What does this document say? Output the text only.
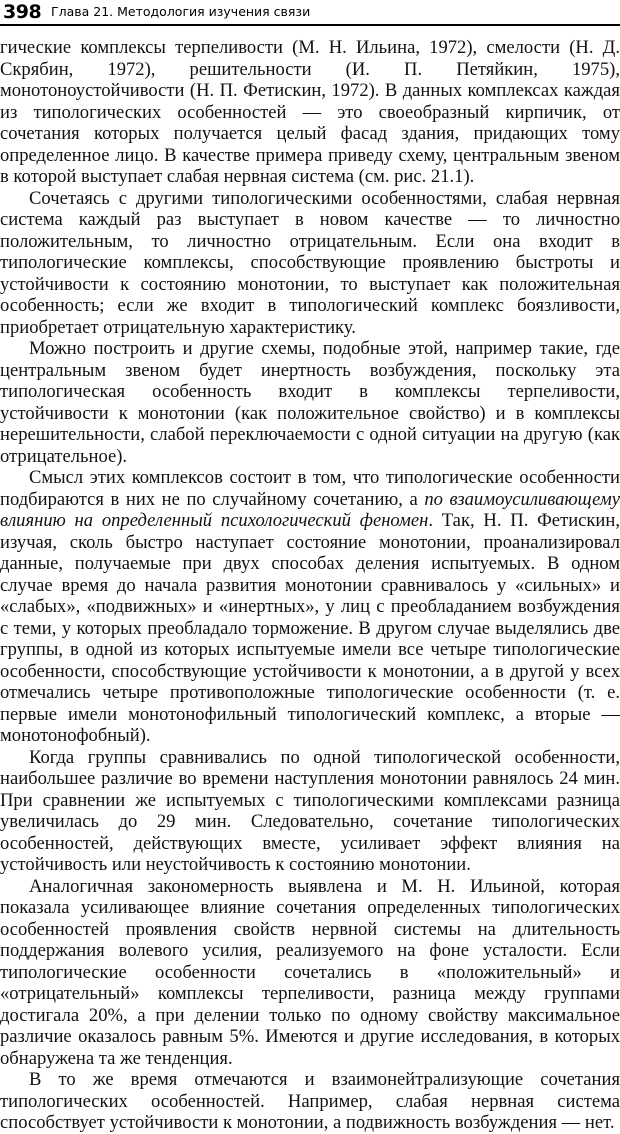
398 Глава 21. Методология изучения связи

гические комплексы терпеливости (М. Н. Ильина, 1972), смелости (Н. Д. Скрябин, 1972), решительности (И. П. Петяйкин, 1975), монотоноустойчивости (Н. П. Фетискин, 1972). В данных комплексах каждая из типологических особенностей — это своеобразный кирпичик, от сочетания которых получается целый фасад здания, придающих тому определенное лицо. В качестве примера приведу схему, центральным звеном в которой выступает слабая нервная система (см. рис. 21.1).

Сочетаясь с другими типологическими особенностями, слабая нервная система каждый раз выступает в новом качестве — то личностно положительным, то личностно отрицательным. Если она входит в типологические комплексы, способствующие проявлению быстроты и устойчивости к состоянию монотонии, то выступает как положительная особенность; если же входит в типологический комплекс боязливости, приобретает отрицательную характеристику.

Можно построить и другие схемы, подобные этой, например такие, где центральным звеном будет инертность возбуждения, поскольку эта типологическая особенность входит в комплексы терпеливости, устойчивости к монотонии (как положительное свойство) и в комплексы нерешительности, слабой переключаемости с одной ситуации на другую (как отрицательное).

Смысл этих комплексов состоит в том, что типологические особенности подбираются в них не по случайному сочетанию, а по взаимоусиливающему влиянию на определенный психологический феномен. Так, Н. П. Фетискин, изучая, сколь быстро наступает состояние монотонии, проанализировал данные, получаемые при двух способах деления испытуемых. В одном случае время до начала развития монотонии сравнивалось у «сильных» и «слабых», «подвижных» и «инертных», у лиц с преобладанием возбуждения с теми, у которых преобладало торможение. В другом случае выделялись две группы, в одной из которых испытуемые имели все четыре типологические особенности, способствующие устойчивости к монотонии, а в другой у всех отмечались четыре противоположные типологические особенности (т. е. первые имели монотонофильный типологический комплекс, а вторые — монотонофобный).

Когда группы сравнивались по одной типологической особенности, наибольшее различие во времени наступления монотонии равнялось 24 мин. При сравнении же испытуемых с типологическими комплексами разница увеличилась до 29 мин. Следовательно, сочетание типологических особенностей, действующих вместе, усиливает эффект влияния на устойчивость или неустойчивость к состоянию монотонии.

Аналогичная закономерность выявлена и М. Н. Ильиной, которая показала усиливающее влияние сочетания определенных типологических особенностей проявления свойств нервной системы на длительность поддержания волевого усилия, реализуемого на фоне усталости. Если типологические особенности сочетались в «положительный» и «отрицательный» комплексы терпеливости, разница между группами достигала 20%, а при делении только по одному свойству максимальное различие оказалось равным 5%. Имеются и другие исследования, в которых обнаружена та же тенденция.

В то же время отмечаются и взаимонейтрализующие сочетания типологических особенностей. Например, слабая нервная система способствует устойчивости к монотонии, а подвижность возбуждения — нет.
